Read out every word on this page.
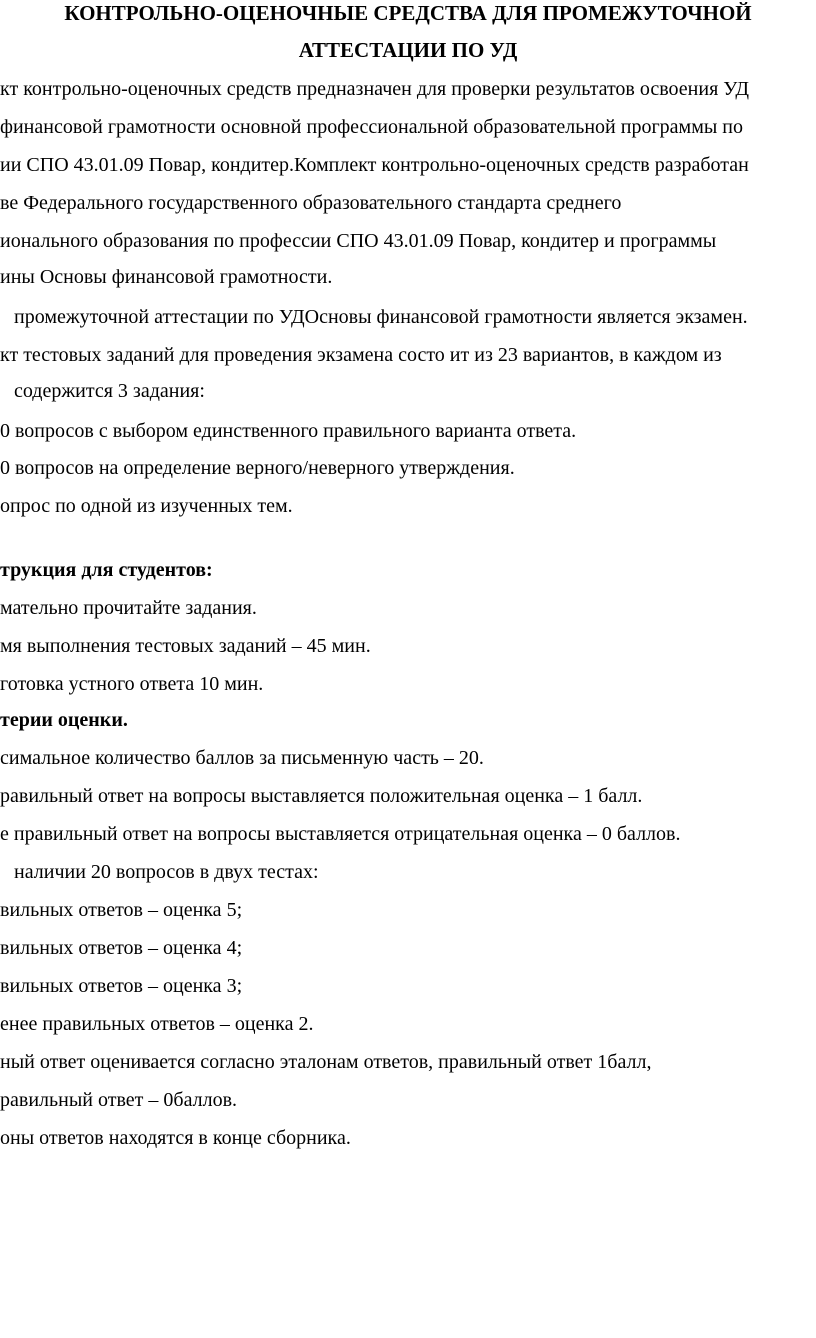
КОНТРОЛЬНО-ОЦЕНОЧНЫЕ СРЕДСТВА ДЛЯ ПРОМЕЖУТОЧНОЙ
АТТЕСТАЦИИ ПО УД
кт контрольно-оценочных средств предназначен для проверки результатов освоения УД
финансовой грамотности основной профессиональной образовательной программы по
ии СПО 43.01.09 Повар, кондитер.Комплект контрольно-оценочных средств разработан
ве Федерального государственного образовательного стандарта среднего
ионального образования по профессии СПО 43.01.09 Повар, кондитер и программы
ины Основы финансовой грамотности.
промежуточной аттестации по УДОсновы финансовой грамотности является экзамен.
кт тестовых заданий для проведения экзамена состо ит из 23 вариантов, в каждом из
содержится 3 задания:
0 вопросов с выбором единственного правильного варианта ответа.
0 вопросов на определение верного/неверного утверждения.
опрос по одной из изученных тем.
трукция для студентов:
мательно прочитайте задания.
мя выполнения тестовых заданий – 45 мин.
готовка устного ответа 10 мин.
терии оценки.
симальное количество баллов за письменную часть – 20.
равильный ответ на вопросы выставляется положительная оценка – 1 балл.
е правильный ответ на вопросы выставляется отрицательная оценка – 0 баллов.
наличии 20 вопросов в двух тестах:
вильных ответов – оценка 5;
вильных ответов – оценка 4;
вильных ответов – оценка 3;
енее правильных ответов – оценка 2.
ный ответ оценивается согласно эталонам ответов, правильный ответ 1балл,
равильный ответ – 0баллов.
оны ответов находятся в конце сборника.
